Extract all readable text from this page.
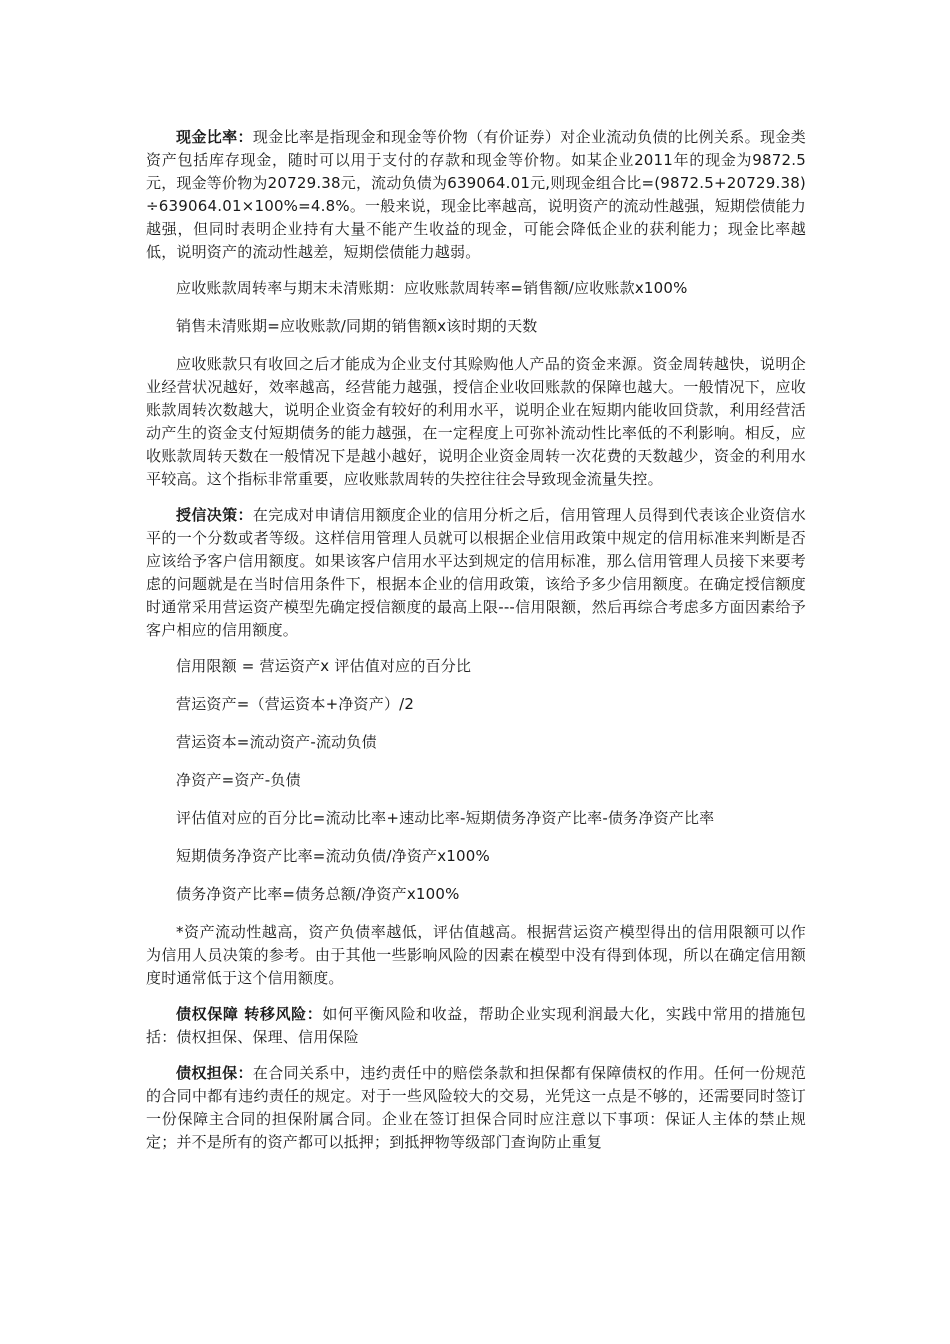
现金比率：现金比率是指现金和现金等价物（有价证券）对企业流动负债的比例关系。现金类资产包括库存现金，随时可以用于支付的存款和现金等价物。如某企业2011年的现金为9872.5元，现金等价物为20729.38元，流动负债为639064.01元,则现金组合比=(9872.5+20729.38)÷639064.01×100%=4.8%。一般来说，现金比率越高，说明资产的流动性越强，短期偿债能力越强，但同时表明企业持有大量不能产生收益的现金，可能会降低企业的获利能力；现金比率越低，说明资产的流动性越差，短期偿债能力越弱。

应收账款周转率与期末未清账期：应收账款周转率=销售额/应收账款x100%

销售未清账期=应收账款/同期的销售额x该时期的天数

应收账款只有收回之后才能成为企业支付其赊购他人产品的资金来源。资金周转越快，说明企业经营状况越好，效率越高，经营能力越强，授信企业收回账款的保障也越大。一般情况下，应收账款周转次数越大，说明企业资金有较好的利用水平，说明企业在短期内能收回贷款，利用经营活动产生的资金支付短期债务的能力越强，在一定程度上可弥补流动性比率低的不利影响。相反，应收账款周转天数在一般情况下是越小越好，说明企业资金周转一次花费的天数越少，资金的利用水平较高。这个指标非常重要，应收账款周转的失控往往会导致现金流量失控。

授信决策：在完成对申请信用额度企业的信用分析之后，信用管理人员得到代表该企业资信水平的一个分数或者等级。这样信用管理人员就可以根据企业信用政策中规定的信用标准来判断是否应该给予客户信用额度。如果该客户信用水平达到规定的信用标准，那么信用管理人员接下来要考虑的问题就是在当时信用条件下，根据本企业的信用政策，该给予多少信用额度。在确定授信额度时通常采用营运资产模型先确定授信额度的最高上限---信用限额，然后再综合考虑多方面因素给予客户相应的信用额度。

信用限额 = 营运资产x 评估值对应的百分比

营运资产=（营运资本+净资产）/2

营运资本=流动资产-流动负债

净资产=资产-负债

评估值对应的百分比=流动比率+速动比率-短期债务净资产比率-债务净资产比率

短期债务净资产比率=流动负债/净资产x100%

债务净资产比率=债务总额/净资产x100%

*资产流动性越高，资产负债率越低，评估值越高。根据营运资产模型得出的信用限额可以作为信用人员决策的参考。由于其他一些影响风险的因素在模型中没有得到体现，所以在确定信用额度时通常低于这个信用额度。

债权保障 转移风险：如何平衡风险和收益，帮助企业实现利润最大化，实践中常用的措施包括：债权担保、保理、信用保险

债权担保：在合同关系中，违约责任中的赔偿条款和担保都有保障债权的作用。任何一份规范的合同中都有违约责任的规定。对于一些风险较大的交易，光凭这一点是不够的，还需要同时签订一份保障主合同的担保附属合同。企业在签订担保合同时应注意以下事项：保证人主体的禁止规定；并不是所有的资产都可以抵押；到抵押物等级部门查询防止重复
